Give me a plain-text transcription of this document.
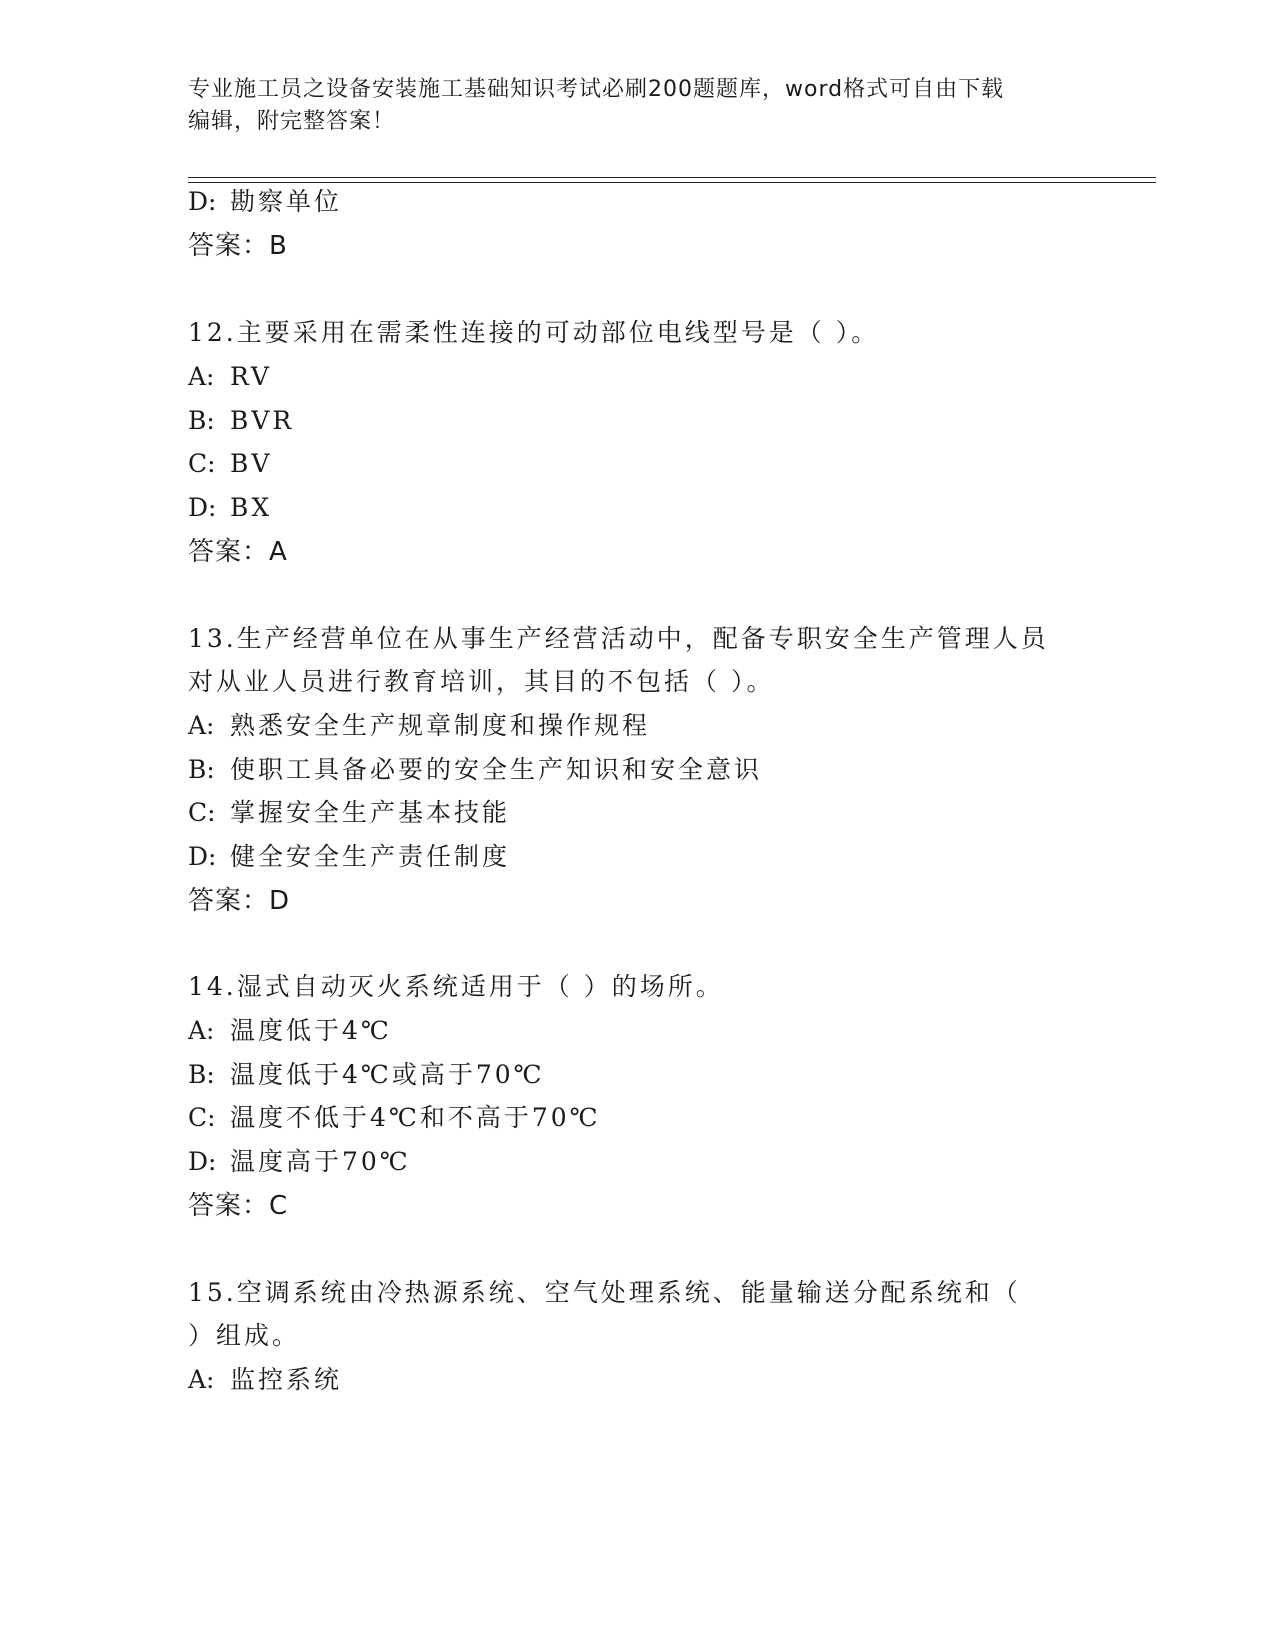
专业施工员之设备安装施工基础知识考试必刷200题题库，word格式可自由下载
编辑，附完整答案！
D: 勘察单位
答案：B
12.主要采用在需柔性连接的可动部位电线型号是（ ）。
A: RV
B: BVR
C: BV
D: BX
答案：A
13.生产经营单位在从事生产经营活动中，配备专职安全生产管理人员
对从业人员进行教育培训，其目的不包括（ ）。
A: 熟悉安全生产规章制度和操作规程
B: 使职工具备必要的安全生产知识和安全意识
C: 掌握安全生产基本技能
D: 健全安全生产责任制度
答案：D
14.湿式自动灭火系统适用于（ ）的场所。
A: 温度低于4℃
B: 温度低于4℃或高于70℃
C: 温度不低于4℃和不高于70℃
D: 温度高于70℃
答案：C
15.空调系统由冷热源系统、空气处理系统、能量输送分配系统和（
）组成。
A: 监控系统
